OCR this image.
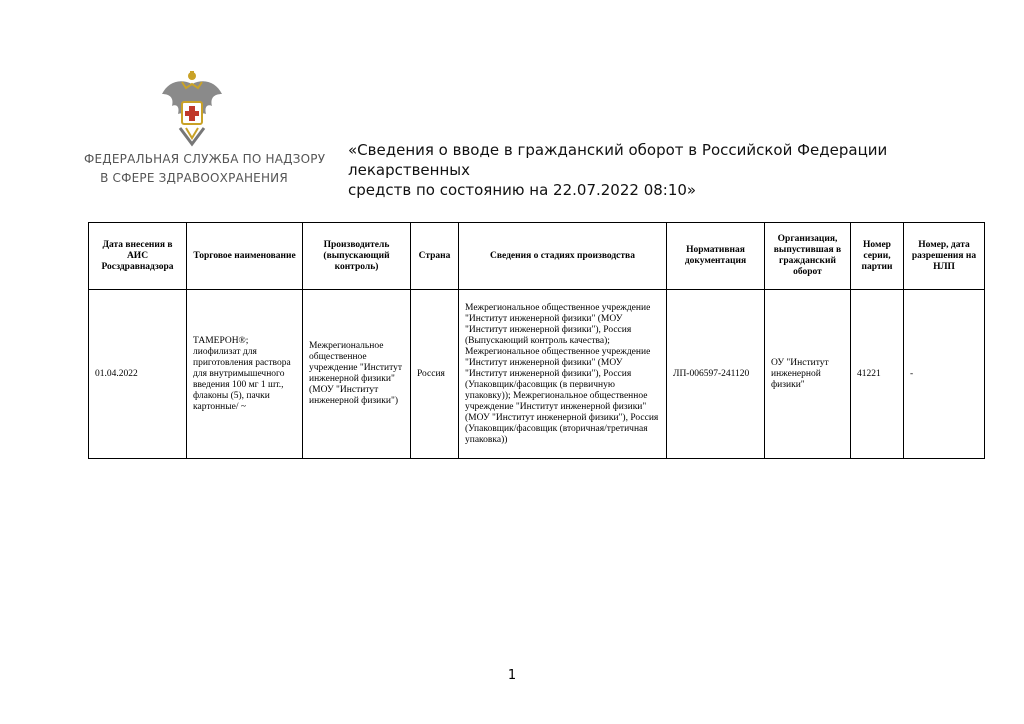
ФЕДЕРАЛЬНАЯ СЛУЖБА ПО НАДЗОРУ
В СФЕРЕ ЗДРАВООХРАНЕНИЯ
«Сведения о вводе в гражданский оборот в Российской Федерации лекарственных
средств по состоянию на 22.07.2022 08:10»
Дата внесения в АИС Росздравнадзора	Торговое наименование	Производитель (выпускающий контроль)	Страна	Сведения о стадиях производства	Нормативная документация	Организация, выпустившая в гражданский оборот	Номер серии, партии	Номер, дата разрешения на НЛП
01.04.2022	ТАМЕРОН®; лиофилизат для приготовления раствора для внутримышечного введения 100 мг 1 шт., флаконы (5), пачки картонные/ ~	Межрегиональное общественное учреждение "Институт инженерной физики" (МОУ "Институт инженерной физики")	Россия	Межрегиональное общественное учреждение "Институт инженерной физики" (МОУ "Институт инженерной физики"), Россия (Выпускающий контроль качества); Межрегиональное общественное учреждение "Институт инженерной физики" (МОУ "Институт инженерной физики"), Россия (Упаковщик/фасовщик (в первичную упаковку)); Межрегиональное общественное учреждение "Институт инженерной физики" (МОУ "Институт инженерной физики"), Россия (Упаковщик/фасовщик (вторичная/третичная упаковка))	ЛП-006597-241120	ОУ "Институт инженерной физики"	41221	-
1
